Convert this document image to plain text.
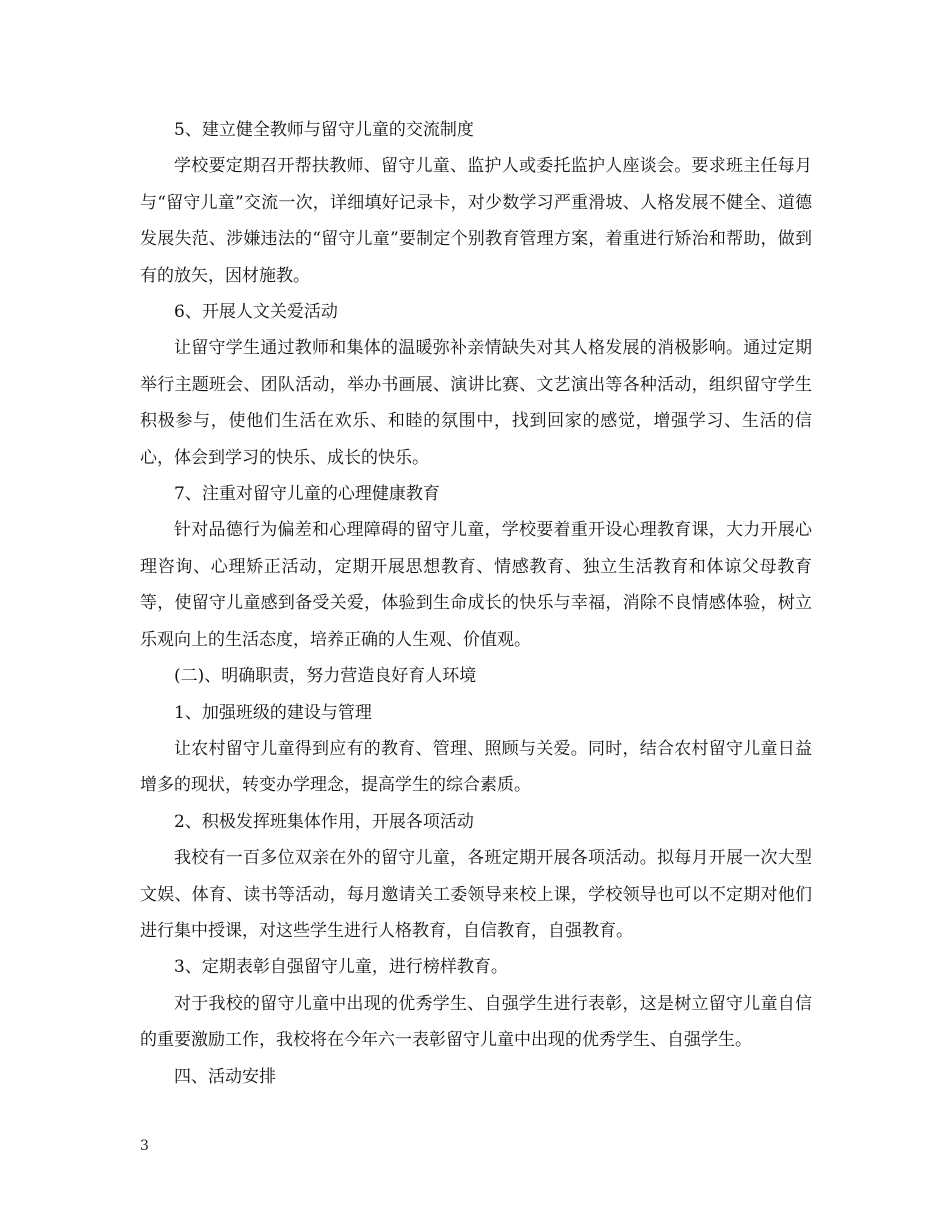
5、建立健全教师与留守儿童的交流制度

学校要定期召开帮扶教师、留守儿童、监护人或委托监护人座谈会。要求班主任每月与“留守儿童”交流一次，详细填好记录卡，对少数学习严重滑坡、人格发展不健全、道德发展失范、涉嫌违法的“留守儿童”要制定个别教育管理方案，着重进行矫治和帮助，做到有的放矢，因材施教。

6、开展人文关爱活动

让留守学生通过教师和集体的温暖弥补亲情缺失对其人格发展的消极影响。通过定期举行主题班会、团队活动，举办书画展、演讲比赛、文艺演出等各种活动，组织留守学生积极参与，使他们生活在欢乐、和睦的氛围中，找到回家的感觉，增强学习、生活的信心，体会到学习的快乐、成长的快乐。

7、注重对留守儿童的心理健康教育

针对品德行为偏差和心理障碍的留守儿童，学校要着重开设心理教育课，大力开展心理咨询、心理矫正活动，定期开展思想教育、情感教育、独立生活教育和体谅父母教育等，使留守儿童感到备受关爱，体验到生命成长的快乐与幸福，消除不良情感体验，树立乐观向上的生活态度，培养正确的人生观、价值观。

(二)、明确职责，努力营造良好育人环境

1、加强班级的建设与管理

让农村留守儿童得到应有的教育、管理、照顾与关爱。同时，结合农村留守儿童日益增多的现状，转变办学理念，提高学生的综合素质。

2、积极发挥班集体作用，开展各项活动

我校有一百多位双亲在外的留守儿童，各班定期开展各项活动。拟每月开展一次大型文娱、体育、读书等活动，每月邀请关工委领导来校上课，学校领导也可以不定期对他们进行集中授课，对这些学生进行人格教育，自信教育，自强教育。

3、定期表彰自强留守儿童，进行榜样教育。

对于我校的留守儿童中出现的优秀学生、自强学生进行表彰，这是树立留守儿童自信的重要激励工作，我校将在今年六一表彰留守儿童中出现的优秀学生、自强学生。

四、活动安排

3
